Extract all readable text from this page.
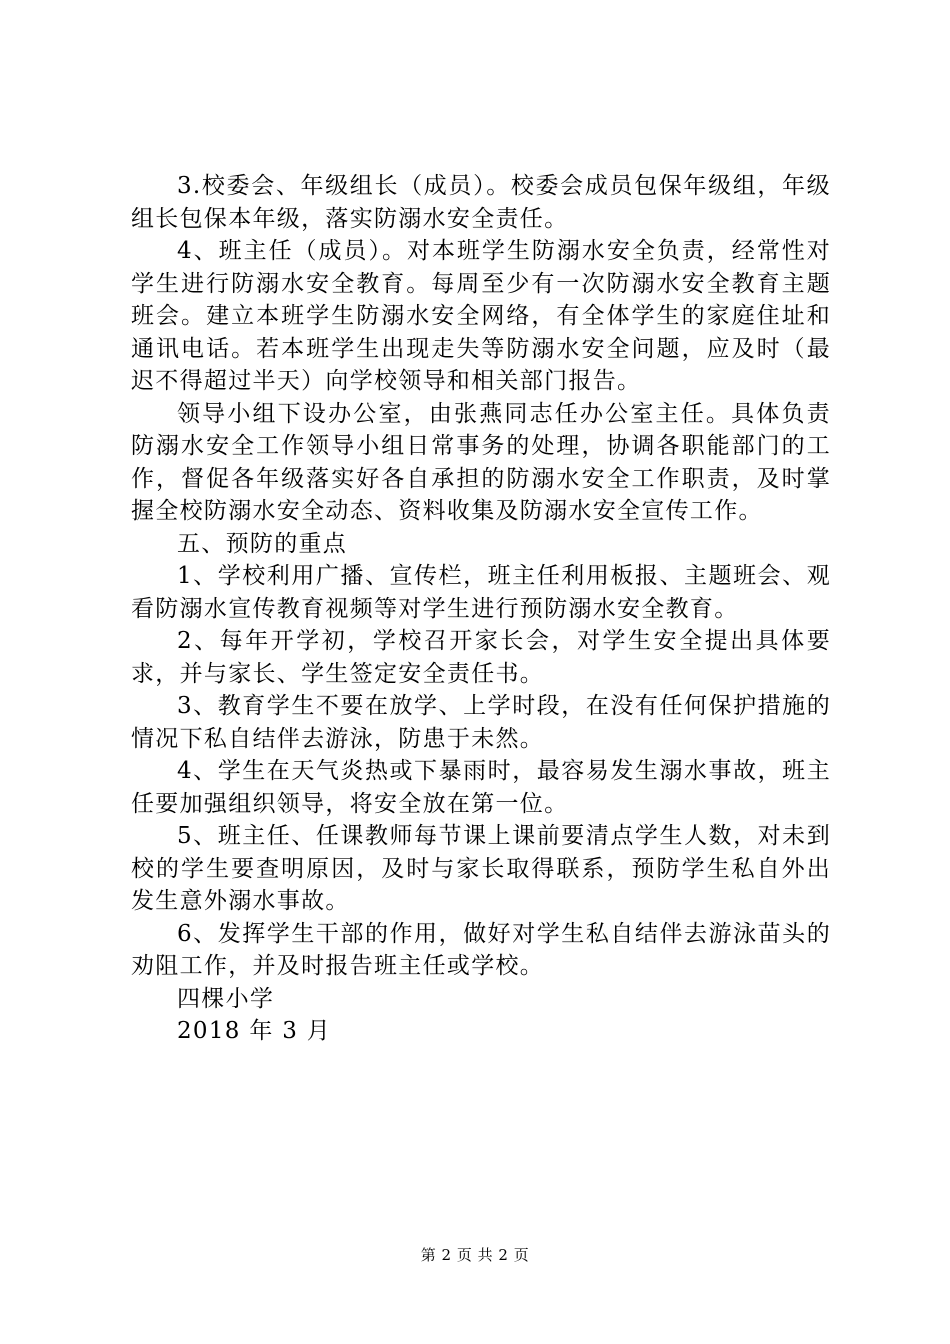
3.校委会、年级组长（成员）。校委会成员包保年级组，年级组长包保本年级，落实防溺水安全责任。

4、班主任（成员）。对本班学生防溺水安全负责，经常性对学生进行防溺水安全教育。每周至少有一次防溺水安全教育主题班会。建立本班学生防溺水安全网络，有全体学生的家庭住址和通讯电话。若本班学生出现走失等防溺水安全问题，应及时（最迟不得超过半天）向学校领导和相关部门报告。

领导小组下设办公室，由张燕同志任办公室主任。具体负责防溺水安全工作领导小组日常事务的处理，协调各职能部门的工作，督促各年级落实好各自承担的防溺水安全工作职责，及时掌握全校防溺水安全动态、资料收集及防溺水安全宣传工作。

五、预防的重点

1、学校利用广播、宣传栏，班主任利用板报、主题班会、观看防溺水宣传教育视频等对学生进行预防溺水安全教育。

2、每年开学初，学校召开家长会，对学生安全提出具体要求，并与家长、学生签定安全责任书。

3、教育学生不要在放学、上学时段，在没有任何保护措施的情况下私自结伴去游泳，防患于未然。

4、学生在天气炎热或下暴雨时，最容易发生溺水事故，班主任要加强组织领导，将安全放在第一位。

5、班主任、任课教师每节课上课前要清点学生人数，对未到校的学生要查明原因，及时与家长取得联系，预防学生私自外出发生意外溺水事故。

6、发挥学生干部的作用，做好对学生私自结伴去游泳苗头的劝阻工作，并及时报告班主任或学校。

四棵小学

2018 年 3 月

第 2 页 共 2 页
